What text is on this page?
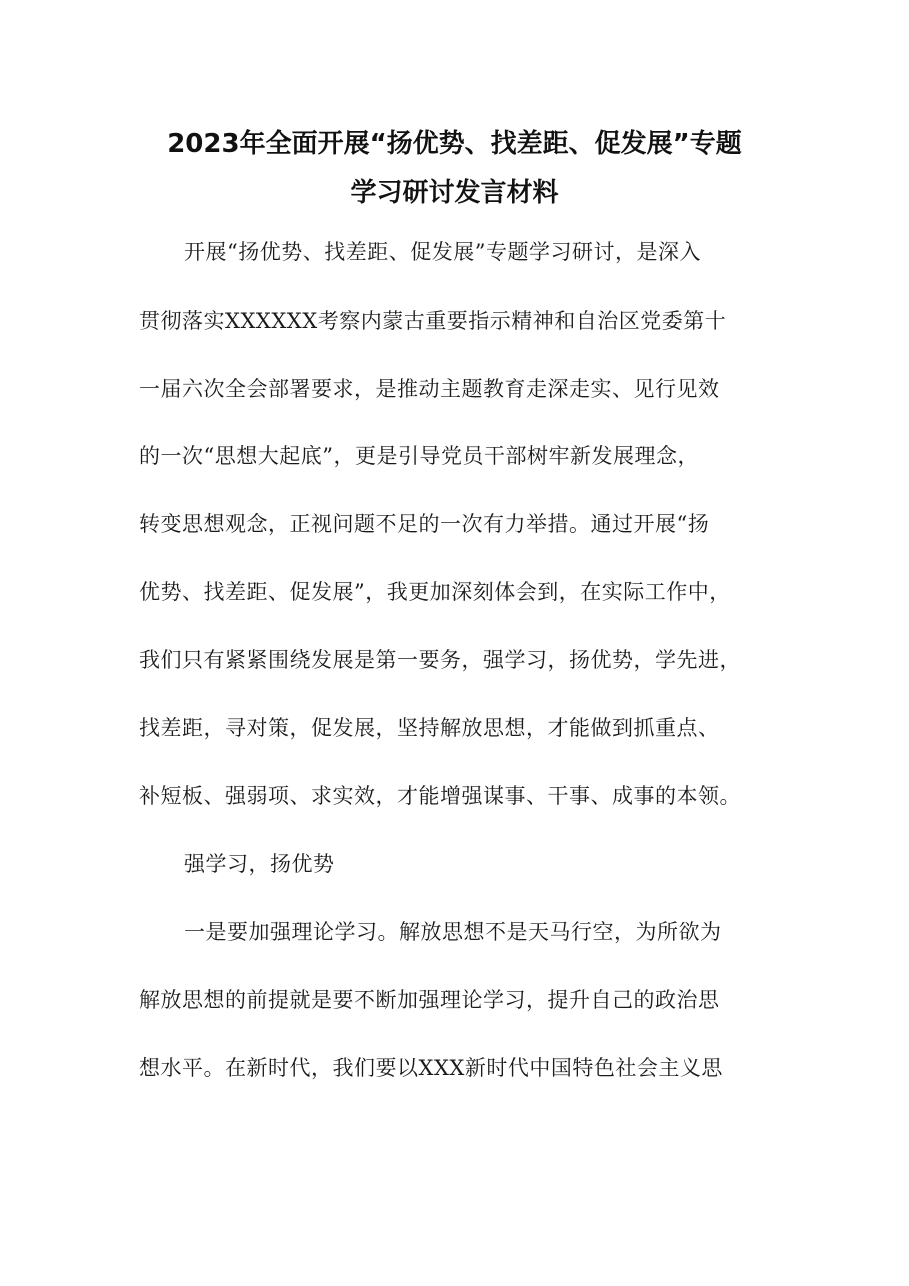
2023年全面开展“扬优势、找差距、促发展”专题
学习研讨发言材料
开展“扬优势、找差距、促发展”专题学习研讨，是深入
贯彻落实XXXXXX考察内蒙古重要指示精神和自治区党委第十
一届六次全会部署要求，是推动主题教育走深走实、见行见效
的一次“思想大起底”，更是引导党员干部树牢新发展理念，
转变思想观念，正视问题不足的一次有力举措。通过开展“扬
优势、找差距、促发展”，我更加深刻体会到，在实际工作中，
我们只有紧紧围绕发展是第一要务，强学习，扬优势，学先进，
找差距，寻对策，促发展，坚持解放思想，才能做到抓重点、
补短板、强弱项、求实效，才能增强谋事、干事、成事的本领。
强学习，扬优势
一是要加强理论学习。解放思想不是天马行空，为所欲为
解放思想的前提就是要不断加强理论学习，提升自己的政治思
想水平。在新时代，我们要以XXX新时代中国特色社会主义思
